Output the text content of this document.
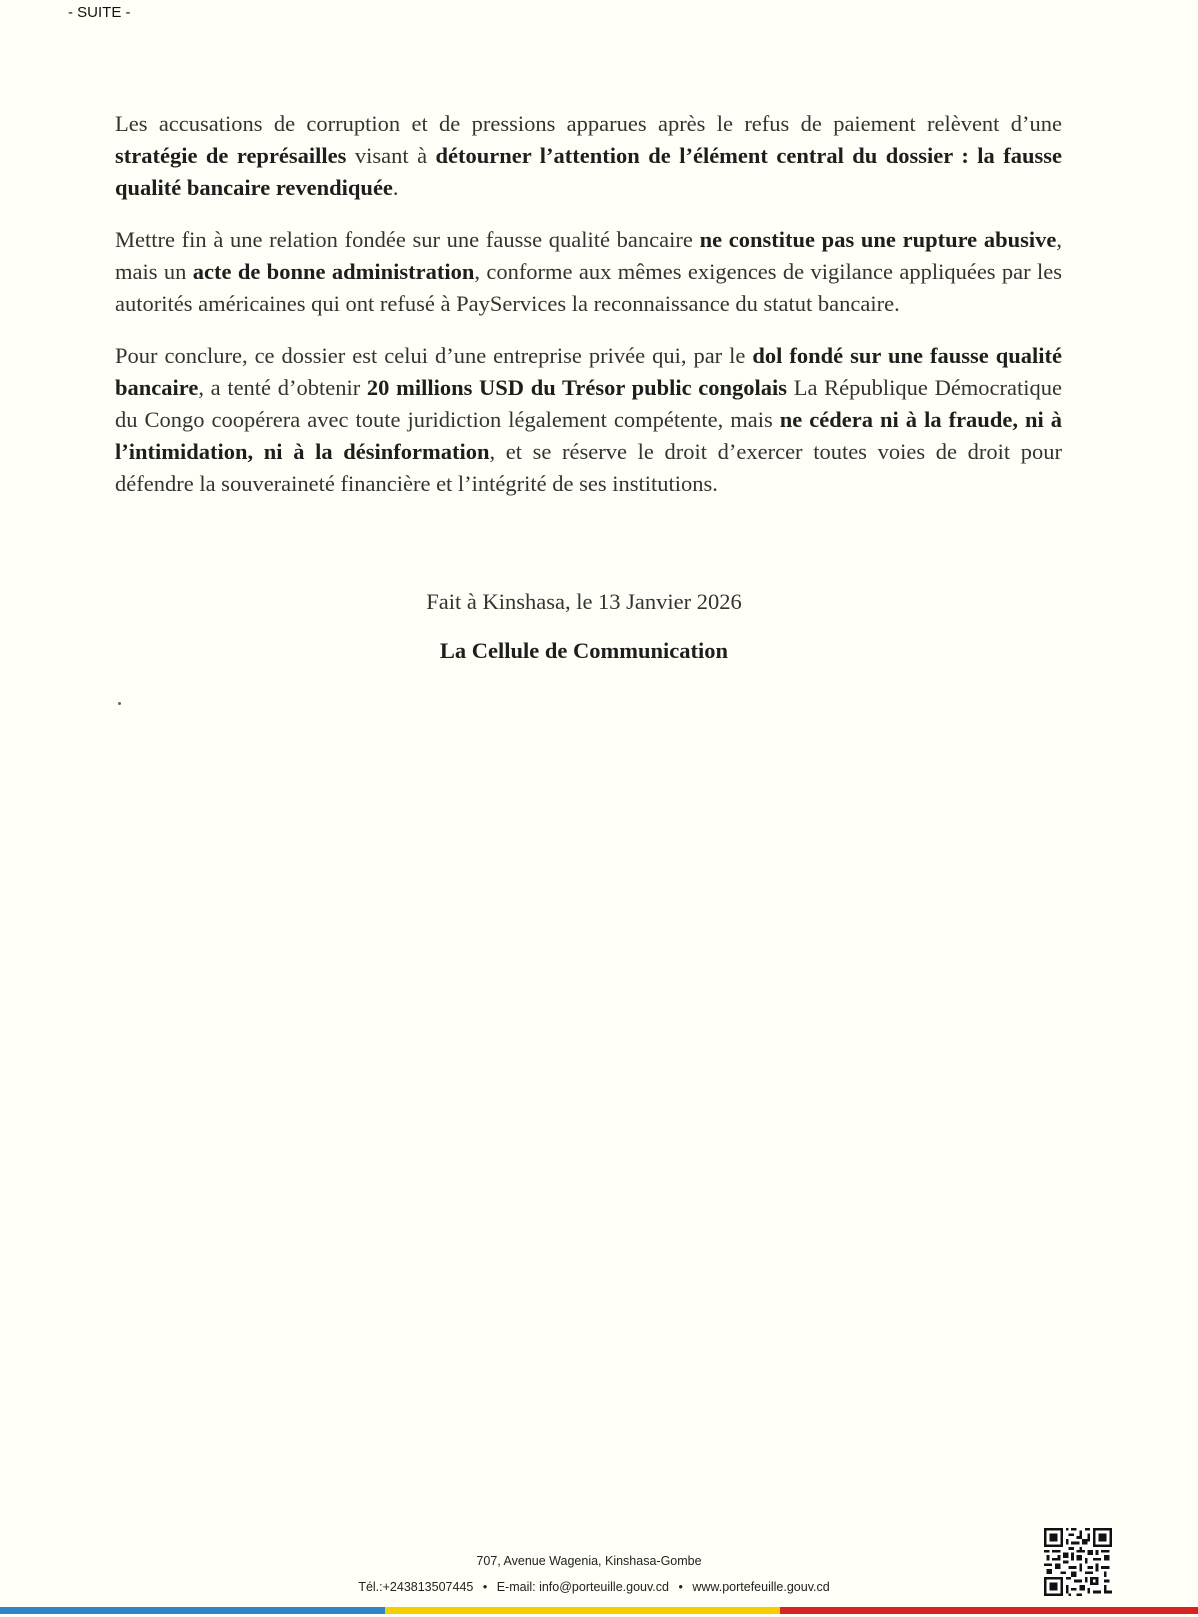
- SUITE -

Les accusations de corruption et de pressions apparues après le refus de paiement relèvent d’une stratégie de représailles visant à détourner l’attention de l’élément central du dossier : la fausse qualité bancaire revendiquée.

Mettre fin à une relation fondée sur une fausse qualité bancaire ne constitue pas une rupture abusive, mais un acte de bonne administration, conforme aux mêmes exigences de vigilance appliquées par les autorités américaines qui ont refusé à PayServices la reconnaissance du statut bancaire.

Pour conclure, ce dossier est celui d’une entreprise privée qui, par le dol fondé sur une fausse qualité bancaire, a tenté d’obtenir 20 millions USD du Trésor public congolais La République Démocratique du Congo coopérera avec toute juridiction légalement compétente, mais ne cédera ni à la fraude, ni à l’intimidation, ni à la désinformation, et se réserve le droit d’exercer toutes voies de droit pour défendre la souveraineté financière et l’intégrité de ses institutions.

Fait à Kinshasa, le 13 Janvier 2026
La Cellule de Communication
707, Avenue Wagenia, Kinshasa-Gombe
Tél.:+243813507445 • E-mail: info@porteuille.gouv.cd • www.portefeuille.gouv.cd
